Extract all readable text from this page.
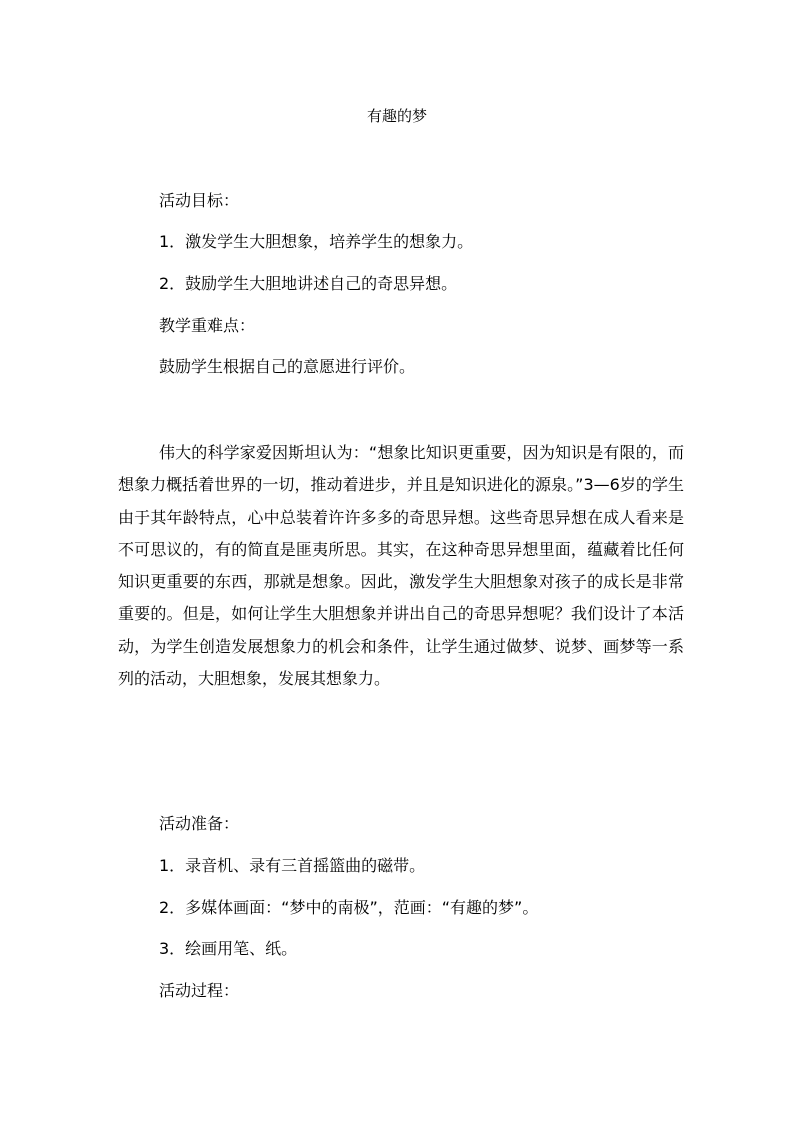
有趣的梦
活动目标：
1．激发学生大胆想象，培养学生的想象力。
2．鼓励学生大胆地讲述自己的奇思异想。
教学重难点：
鼓励学生根据自己的意愿进行评价。
伟大的科学家爱因斯坦认为：“想象比知识更重要，因为知识是有限的，而想象力概括着世界的一切，推动着进步，并且是知识进化的源泉。”3—6岁的学生由于其年龄特点，心中总装着许许多多的奇思异想。这些奇思异想在成人看来是不可思议的，有的简直是匪夷所思。其实，在这种奇思异想里面，蕴藏着比任何知识更重要的东西，那就是想象。因此，激发学生大胆想象对孩子的成长是非常重要的。但是，如何让学生大胆想象并讲出自己的奇思异想呢？我们设计了本活动，为学生创造发展想象力的机会和条件，让学生通过做梦、说梦、画梦等一系列的活动，大胆想象，发展其想象力。
活动准备：
1．录音机、录有三首摇篮曲的磁带。
2．多媒体画面：“梦中的南极”，范画：“有趣的梦”。
3．绘画用笔、纸。
活动过程：
